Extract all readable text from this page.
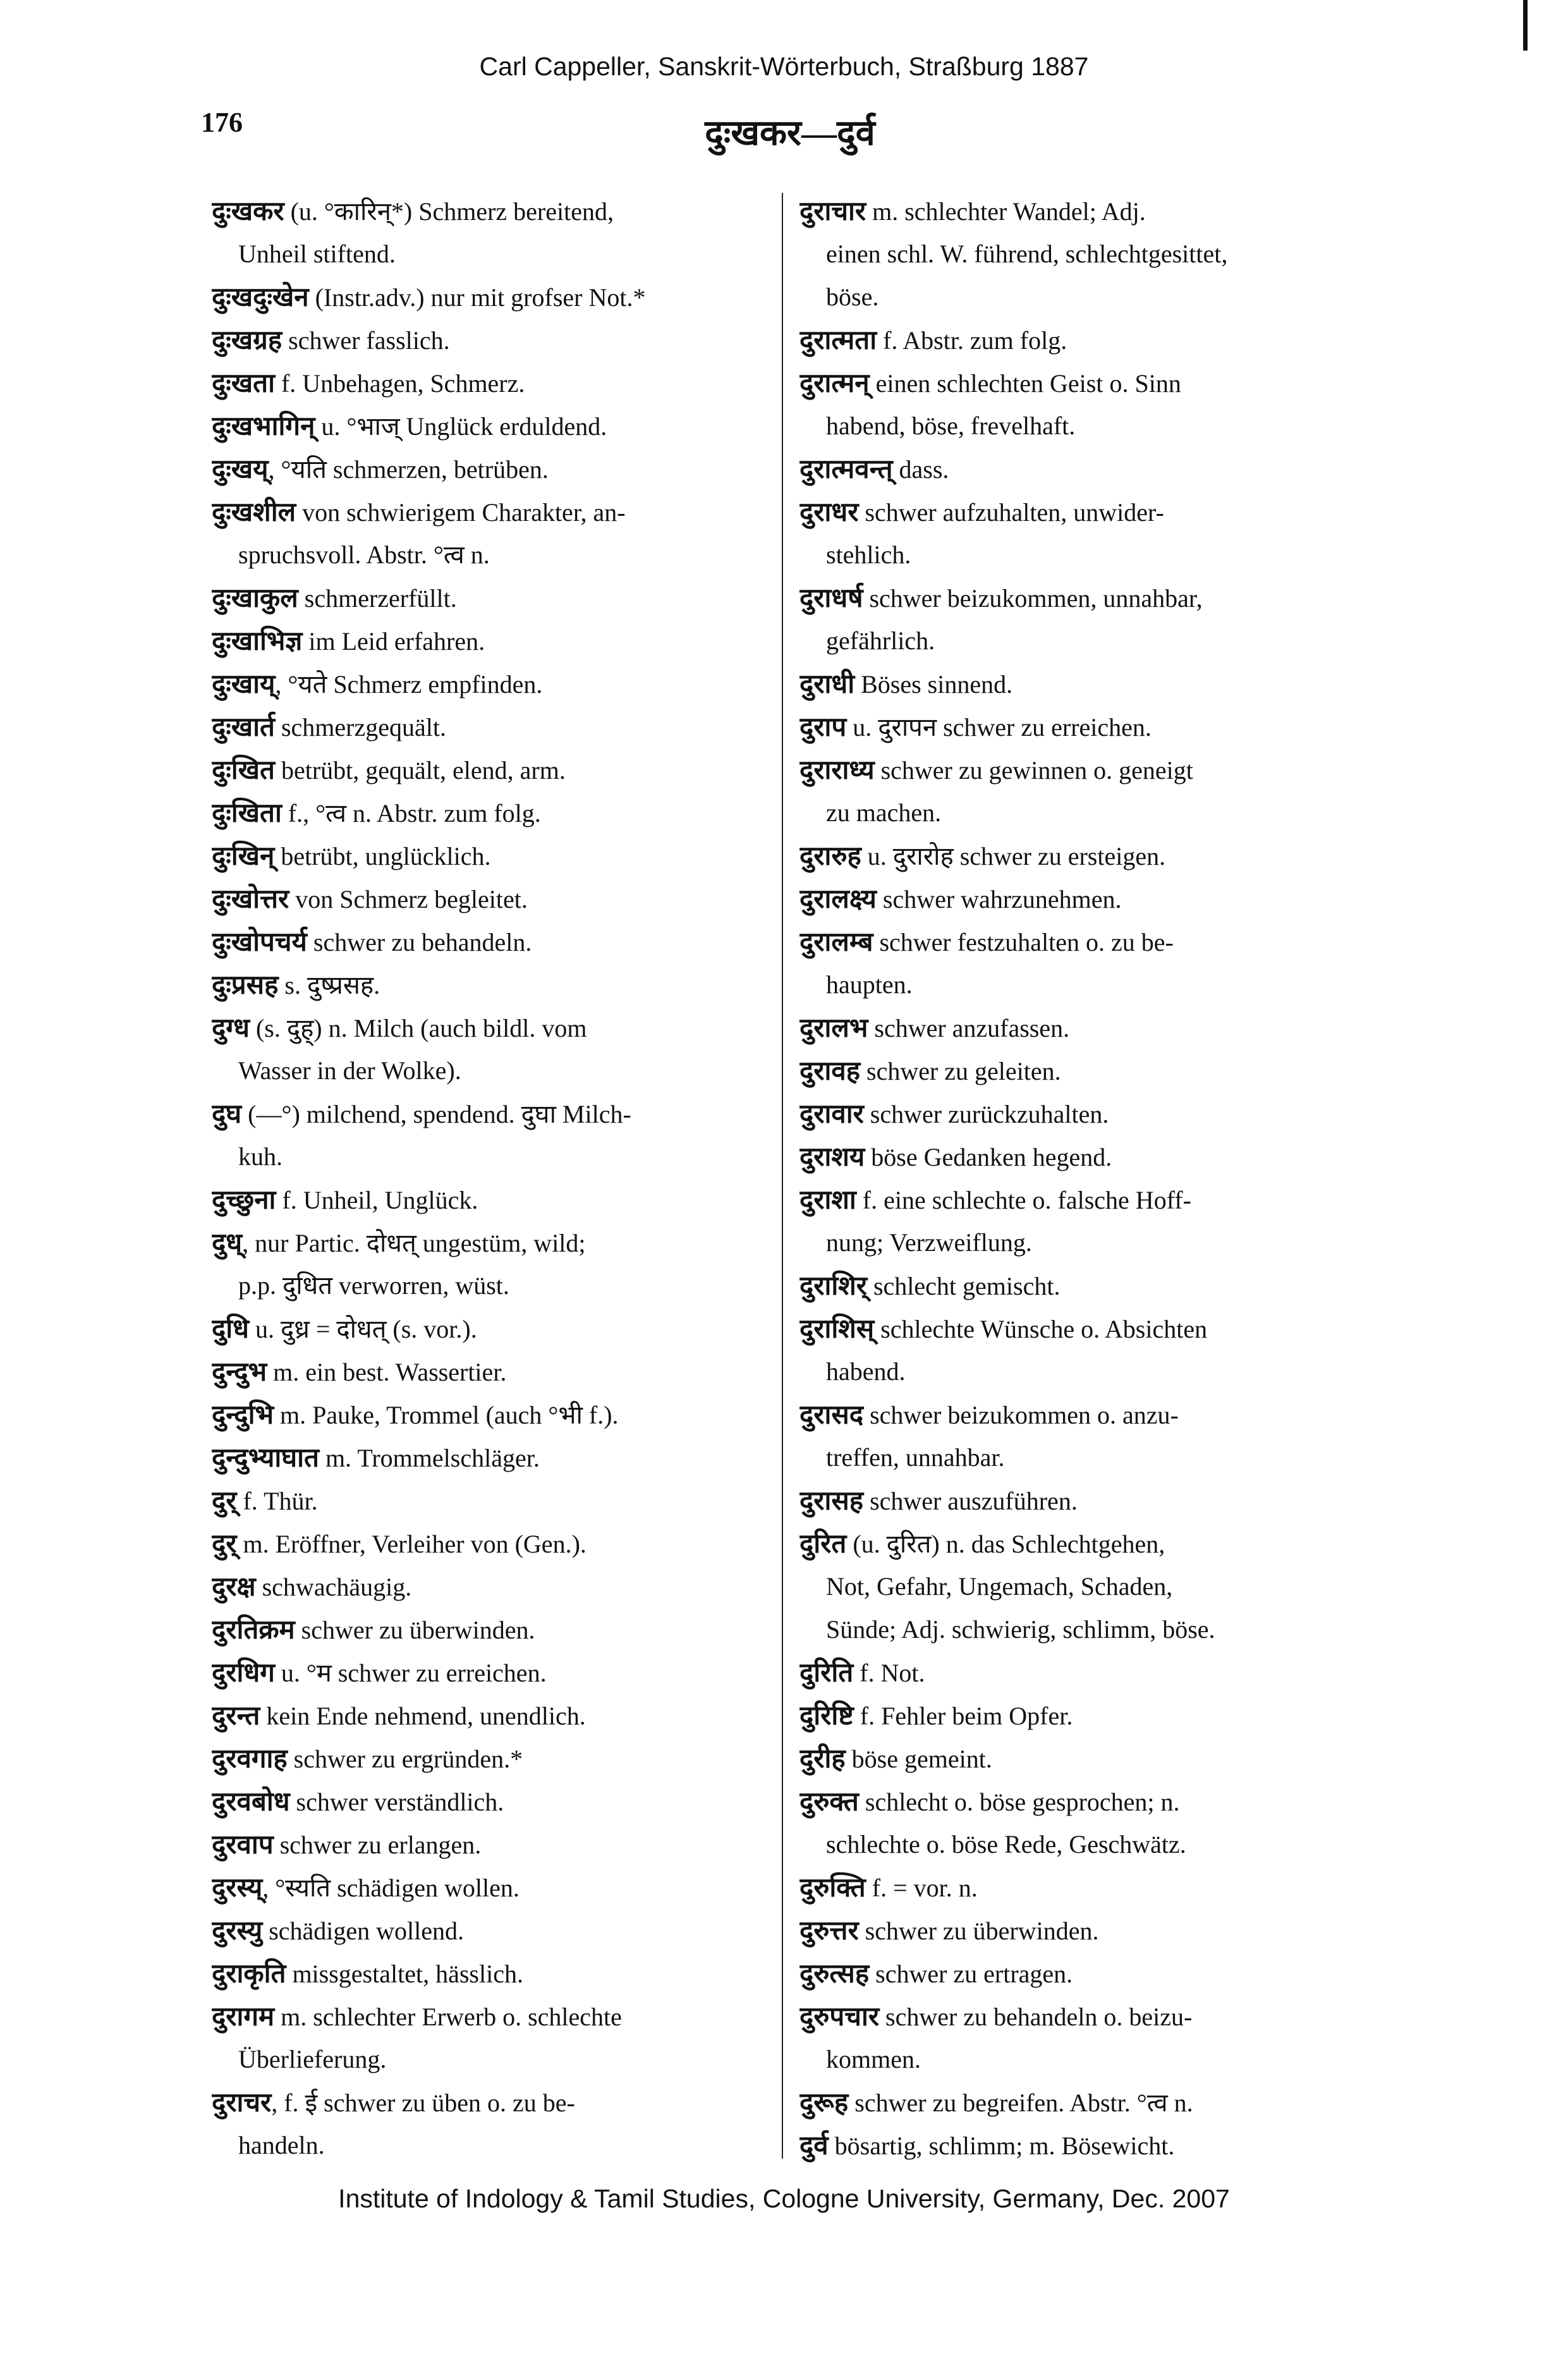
Carl Cappeller, Sanskrit-Wörterbuch, Straßburg 1887
176	दुःखकर—दुर्व
दुःखकर (u. °कारिन्*) Schmerz bereitend,
Unheil stiftend.
दुःखदुःखेन (Instr.adv.) nur mit grofser Not.*
दुःखग्रह schwer fasslich.
दुःखता f. Unbehagen, Schmerz.
दुःखभागिन् u. °भाज् Unglück erduldend.
दुःखय्, °यति schmerzen, betrüben.
दुःखशील von schwierigem Charakter, an-
spruchsvoll. Abstr. °त्व n.
दुःखाकुल schmerzerfüllt.
दुःखाभिज्ञ im Leid erfahren.
दुःखाय्, °यते Schmerz empfinden.
दुःखार्त schmerzgequält.
दुःखित betrübt, gequält, elend, arm.
दुःखिता f., °त्व n. Abstr. zum folg.
दुःखिन् betrübt, unglücklich.
दुःखोत्तर von Schmerz begleitet.
दुःखोपचर्य schwer zu behandeln.
दुःप्रसह s. दुष्प्रसह.
दुग्ध (s. दुह्) n. Milch (auch bildl. vom
Wasser in der Wolke).
दुघ (—°) milchend, spendend. दुघा Milch-
kuh.
दुच्छुना f. Unheil, Unglück.
दुध्, nur Partic. दोधत् ungestüm, wild;
p.p. दुधित verworren, wüst.
दुधि u. दुध्र = दोधत् (s. vor.).
दुन्दुभ m. ein best. Wassertier.
दुन्दुभि m. Pauke, Trommel (auch °भी f.).
दुन्दुभ्याघात m. Trommelschläger.
दुर् f. Thür.
दुर् m. Eröffner, Verleiher von (Gen.).
दुरक्ष schwachäugig.
दुरतिक्रम schwer zu überwinden.
दुरधिग u. °म schwer zu erreichen.
दुरन्त kein Ende nehmend, unendlich.
दुरवगाह schwer zu ergründen.*
दुरवबोध schwer verständlich.
दुरवाप schwer zu erlangen.
दुरस्य्, °स्यति schädigen wollen.
दुरस्यु schädigen wollend.
दुराकृति missgestaltet, hässlich.
दुरागम m. schlechter Erwerb o. schlechte
Überlieferung.
दुराचर, f. ई schwer zu üben o. zu be-
handeln.
दुराचार m. schlechter Wandel; Adj.
einen schl. W. führend, schlechtgesittet,
böse.
दुरात्मता f. Abstr. zum folg.
दुरात्मन् einen schlechten Geist o. Sinn
habend, böse, frevelhaft.
दुरात्मवन्त् dass.
दुराधर schwer aufzuhalten, unwider-
stehlich.
दुराधर्ष schwer beizukommen, unnahbar,
gefährlich.
दुराधी Böses sinnend.
दुराप u. दुरापन schwer zu erreichen.
दुराराध्य schwer zu gewinnen o. geneigt
zu machen.
दुरारुह u. दुरारोह schwer zu ersteigen.
दुरालक्ष्य schwer wahrzunehmen.
दुरालम्ब schwer festzuhalten o. zu be-
haupten.
दुरालभ schwer anzufassen.
दुरावह schwer zu geleiten.
दुरावार schwer zurückzuhalten.
दुराशय böse Gedanken hegend.
दुराशा f. eine schlechte o. falsche Hoff-
nung; Verzweiflung.
दुराशिर् schlecht gemischt.
दुराशिस् schlechte Wünsche o. Absichten
habend.
दुरासद schwer beizukommen o. anzu-
treffen, unnahbar.
दुरासह schwer auszuführen.
दुरित (u. दुरित) n. das Schlechtgehen,
Not, Gefahr, Ungemach, Schaden,
Sünde; Adj. schwierig, schlimm, böse.
दुरिति f. Not.
दुरिष्टि f. Fehler beim Opfer.
दुरीह böse gemeint.
दुरुक्त schlecht o. böse gesprochen; n.
schlechte o. böse Rede, Geschwätz.
दुरुक्ति f. = vor. n.
दुरुत्तर schwer zu überwinden.
दुरुत्सह schwer zu ertragen.
दुरुपचार schwer zu behandeln o. beizu-
kommen.
दुरूह schwer zu begreifen. Abstr. °त्व n.
दुर्व bösartig, schlimm; m. Bösewicht.
Institute of Indology & Tamil Studies, Cologne University, Germany, Dec. 2007
